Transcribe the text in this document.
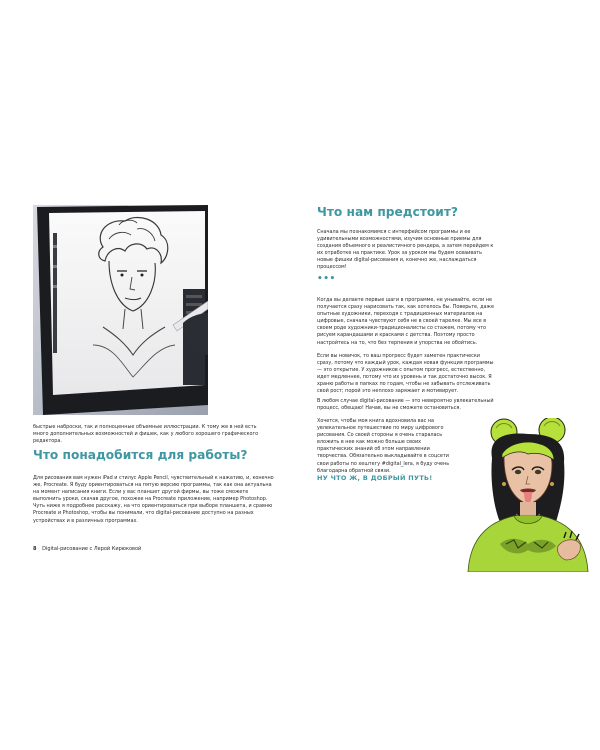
быстрые наброски, так и полноценные объемные иллюстрации. К тому же в ней есть много дополнительных возможностей и фишек, как у любого хорошего графического редактора.

Что понадобится для работы?

Для рисования вам нужен iPad и стилус Apple Pencil, чувствительный к нажатию, и, конечно же, Procreate. Я буду ориентироваться на пятую версию программы, так как она актуальна на момент написания книги. Если у вас планшет другой фирмы, вы тоже сможете выполнить уроки, скачав другое, похожее на Procreate приложение, например Photoshop. Чуть ниже я подробнее расскажу, на что ориентироваться при выборе планшета, и сравню Procreate и Photoshop, чтобы вы понимали, что digital-рисование доступно на разных устройствах и в различных программах.

8 Digital-рисование с Лерой Кирюковой
Что нам предстоит?

Сначала мы познакомимся с интерфейсом программы и ее удивительными возможностями, изучим основные приемы для создания объемного и реалистичного рендера, а затем перейдем к их отработке на практике. Урок за уроком мы будем осваивать новые фишки digital-рисования и, конечно же, наслаждаться процессом!

•••

Когда вы делаете первые шаги в программе, не унывайте, если не получается сразу нарисовать так, как хотелось бы. Поверьте, даже опытные художники, переходя с традиционных материалов на цифровые, сначала чувствуют себя не в своей тарелке. Мы все в своем роде художники-традиционалисты со стажем, потому что рисуем карандашами и красками с детства. Поэтому просто настройтесь на то, что без терпения и упорства не обойтись.

Если вы новичок, то ваш прогресс будет заметен практически сразу, потому что каждый урок, каждая новая функция программы — это открытие. У художников с опытом прогресс, естественно, идет медленнее, потому что их уровень и так достаточно высок. Я храню работы в папках по годам, чтобы не забывать отслеживать свой рост; порой это неплохо заряжает и мотивирует.

В любом случае digital-рисование — это невероятно увлекательный процесс, обещаю! Начав, вы не сможете остановиться.

Хочется, чтобы моя книга вдохновила вас на увлекательное путешествие по миру цифрового рисования. Со своей стороны я очень старалась вложить в нее как можно больше своих практических знаний об этом направлении творчества. Обязательно выкладывайте в соцсети свои работы по хештегу #digital_lera, я буду очень благодарна обратной связи.

НУ ЧТО Ж, В ДОБРЫЙ ПУТЬ!
